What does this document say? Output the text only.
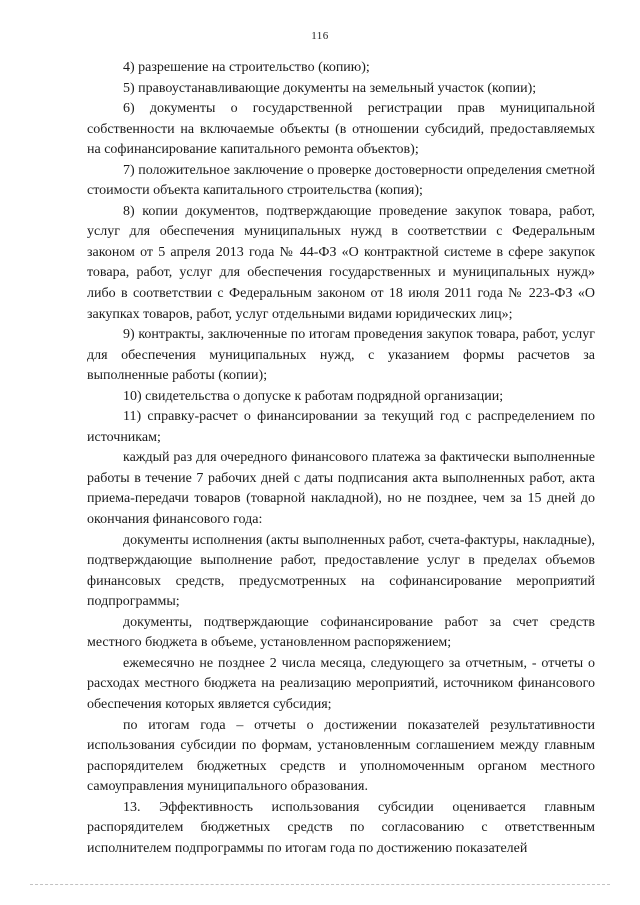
116

4) разрешение на строительство (копию);

5) правоустанавливающие документы на земельный участок (копии);

6) документы о государственной регистрации прав муниципальной собственности на включаемые объекты (в отношении субсидий, предоставляемых на софинансирование капитального ремонта объектов);

7) положительное заключение о проверке достоверности определения сметной стоимости объекта капитального строительства (копия);

8) копии документов, подтверждающие проведение закупок товара, работ, услуг для обеспечения муниципальных нужд в соответствии с Федеральным законом от 5 апреля 2013 года № 44-ФЗ «О контрактной системе в сфере закупок товара, работ, услуг для обеспечения государственных и муниципальных нужд» либо в соответствии с Федеральным законом от 18 июля 2011 года № 223-ФЗ «О закупках товаров, работ, услуг отдельными видами юридических лиц»;

9) контракты, заключенные по итогам проведения закупок товара, работ, услуг для обеспечения муниципальных нужд, с указанием формы расчетов за выполненные работы (копии);

10) свидетельства о допуске к работам подрядной организации;

11) справку-расчет о финансировании за текущий год с распределением по источникам;

каждый раз для очередного финансового платежа за фактически выполненные работы в течение 7 рабочих дней с даты подписания акта выполненных работ, акта приема-передачи товаров (товарной накладной), но не позднее, чем за 15 дней до окончания финансового года:

документы исполнения (акты выполненных работ, счета-фактуры, накладные), подтверждающие выполнение работ, предоставление услуг в пределах объемов финансовых средств, предусмотренных на софинансирование мероприятий подпрограммы;

документы, подтверждающие софинансирование работ за счет средств местного бюджета в объеме, установленном распоряжением;

ежемесячно не позднее 2 числа месяца, следующего за отчетным, - отчеты о расходах местного бюджета на реализацию мероприятий, источником финансового обеспечения которых является субсидия;

по итогам года – отчеты о достижении показателей результативности использования субсидии по формам, установленным соглашением между главным распорядителем бюджетных средств и уполномоченным органом местного самоуправления муниципального образования.

13. Эффективность использования субсидии оценивается главным распорядителем бюджетных средств по согласованию с ответственным исполнителем подпрограммы по итогам года по достижению показателей
